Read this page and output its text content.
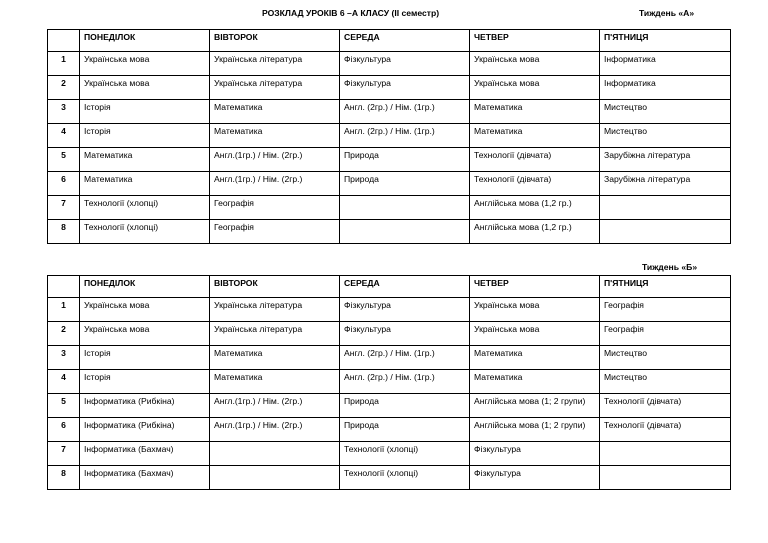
РОЗКЛАД УРОКІВ 6 –А КЛАСУ (ІІ семестр)	Тиждень «А»
Тиждень «Б»
	ПОНЕДІЛОК	ВІВТОРОК	СЕРЕДА	ЧЕТВЕР	П'ЯТНИЦЯ
1	Українська мова	Українська література	Фізкультура	Українська мова	Інформатика
2	Українська мова	Українська література	Фізкультура	Українська мова	Інформатика
3	Історія	Математика	Англ. (2гр.) / Нім. (1гр.)	Математика	Мистецтво
4	Історія	Математика	Англ. (2гр.) / Нім. (1гр.)	Математика	Мистецтво
5	Математика	Англ.(1гр.) / Нім. (2гр.)	Природа	Технології (дівчата)	Зарубіжна література
6	Математика	Англ.(1гр.) / Нім. (2гр.)	Природа	Технології (дівчата)	Зарубіжна література
7	Технології (хлопці)	Географія		Англійська мова (1,2 гр.)	
8	Технології (хлопці)	Географія		Англійська мова (1,2 гр.)	
	ПОНЕДІЛОК	ВІВТОРОК	СЕРЕДА	ЧЕТВЕР	П'ЯТНИЦЯ
1	Українська мова	Українська література	Фізкультура	Українська мова	Географія
2	Українська мова	Українська література	Фізкультура	Українська мова	Географія
3	Історія	Математика	Англ. (2гр.) / Нім. (1гр.)	Математика	Мистецтво
4	Історія	Математика	Англ. (2гр.) / Нім. (1гр.)	Математика	Мистецтво
5	Інформатика (Рибкіна)	Англ.(1гр.) / Нім. (2гр.)	Природа	Англійська мова (1; 2 групи)	Технології (дівчата)
6	Інформатика (Рибкіна)	Англ.(1гр.) / Нім. (2гр.)	Природа	Англійська мова (1; 2 групи)	Технології (дівчата)
7	Інформатика (Бахмач)		Технології (хлопці)	Фізкультура	
8	Інформатика (Бахмач)		Технології (хлопці)	Фізкультура	
